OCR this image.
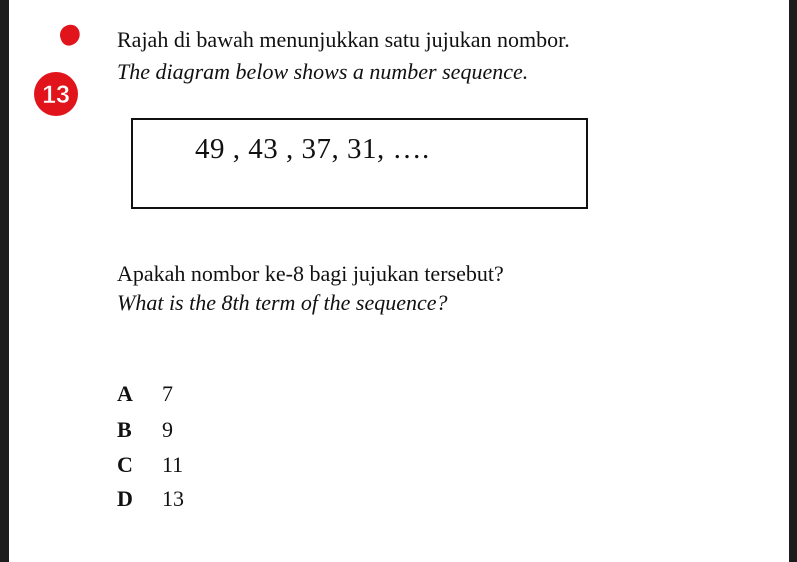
13
Rajah di bawah menunjukkan satu jujukan nombor.
The diagram below shows a number sequence.
49 , 43 , 37, 31, ….
Apakah nombor ke-8 bagi jujukan tersebut?
What is the 8th term of the sequence?
A	7
B	9
C	11
D	13
